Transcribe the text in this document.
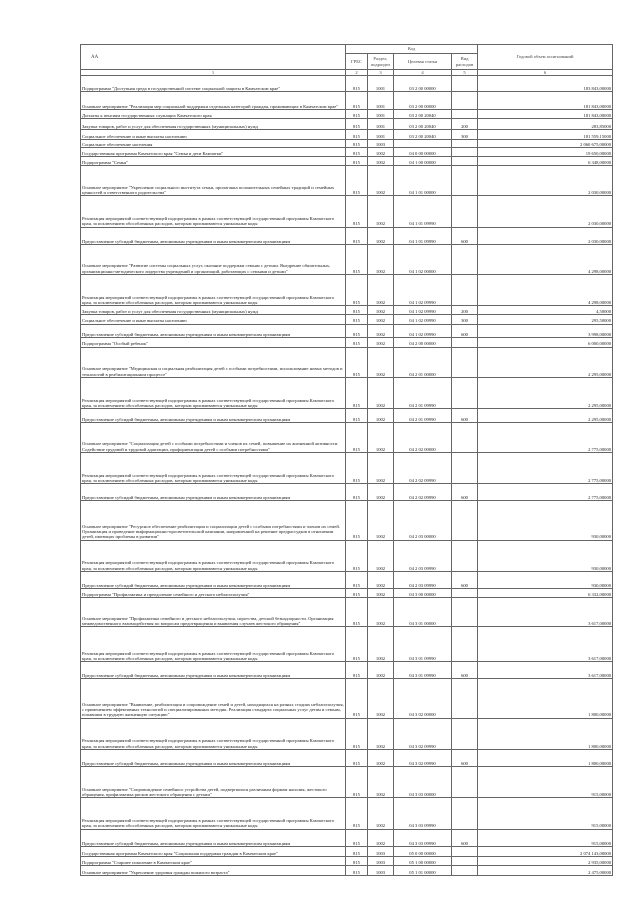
АА
	Код				Годовой объем ассигнований
	ГРБС	Раздел, подраздел	Целевая статья	Вид расходов	
1	2	3	4	5	6
Подпрограмма "Доступная среда в государственной системе социальной защиты в Камчатском крае"	815	1001	03 2 00 00000		183 843,00000
Основное мероприятие "Реализация мер социальной поддержки отдельных категорий граждан, проживающих в Камчатском крае"	815	1001	03 2 00 00000		181 843,00000
Доплаты к пенсиям государственных служащих Камчатского края	815	1001	03 2 00 20040		181 843,00000
Закупка товаров, работ и услуг для обеспечения государственных (муниципальных) нужд	815	1001	03 2 00 20040	200	283,85000
Социальное обеспечение и иные выплаты населению	815	1001	03 2 00 20040	300	181 559,15000
Социальное обеспечение населения	815	1003			2 060 675,00000
Государственная программа Камчатского края "Семья и дети Камчатки"	815	1002	04 0 00 00000		19 650,00000
Подпрограмма "Семья"	815	1002	04 1 00 00000		6 348,00000
Основное мероприятие "Укрепление социального института семьи, пропаганка положительных семейных традиций и семейных ценностей и ответственного родительства"	815	1002	04 1 01 00000		2 030,00000
Реализация мероприятий соответствующей подпрограммы в рамках соответствующей государственной программы Камчатского края, за исключением обособленных расходов, которым присваиваются уникальные коды	815	1002	04 1 01 09990		2 030,00000
Предоставление субсидий бюджетным, автономным учреждениям и иным некоммерческим организациям	815	1002	04 1 01 09990	600	2 030,00000
Основное мероприятие "Развитие системы социальных услуг, оказание поддержки семьям с детьми. Внедрение обязательных, организационно-методического лидерства учреждений и организаций, работающих с семьями и детьми"	815	1002	04 1 02 00000		4 298,00000
Реализация мероприятий соответствующей подпрограммы в рамках соответствующей государственной программы Камчатского края, за исключением обособленных расходов, которым присваиваются уникальные коды	815	1002	04 1 02 09990		4 298,00000
Закупка товаров, работ и услуг для обеспечения государственных (муниципальных) нужд	815	1002	04 1 02 09990	200	4,50000
Социальное обеспечение и иные выплаты населению	815	1002	04 1 02 09990	300	295,50000
Предоставление субсидий бюджетным, автономным учреждениям и иным некоммерческим организациям	815	1002	04 1 02 09990	600	3 998,00000
Подпрограмма "Особый ребенок"	815	1002	04 2 00 00000		6 000,00000
Основное мероприятие "Медицинская и социальная реабилитация детей с особыми потребностями, использование новых методов и технологий в реабилитационном процессе"	815	1002	04 2 01 00000		2 295,00000
Реализация мероприятий соответствующей подпрограммы в рамках соответствующей государственной программы Камчатского края, за исключением обособленных расходов, которым присваиваются уникальные коды	815	1002	04 2 01 09990		2 295,00000
Предоставление субсидий бюджетным, автономным учреждениям и иным некоммерческим организациям	815	1002	04 2 01 09990	600	2 295,00000
Основное мероприятие "Социализация детей с особыми потребностями и членов их семей, повышение их жизненной активности. Содействие трудовой и трудовой адаптации, профориентации детей с особыми потребностями"	815	1002	04 2 02 00000		2 775,00000
Реализация мероприятий соответствующей подпрограммы в рамках соответствующей государственной программы Камчатского края, за исключением обособленных расходов, которым присваиваются уникальные коды	815	1002	04 2 02 09990		2 775,00000
Предоставление субсидий бюджетным, автономным учреждениям и иным некоммерческим организациям	815	1002	04 2 02 09990	600	2 775,00000
Основное мероприятие "Ресурсное обеспечение реабилитации и социализации детей с особыми потребностями и членов их семей. Организация и проведение информационно-просветительской кампании, направленной на решение предрассудков в отношении детей, имеющих проблемы в развитии"	815	1002	04 2 03 00000		930,00000
Реализация мероприятий соответствующей подпрограммы в рамках соответствующей государственной программы Камчатского края, за исключением обособленных расходов, которым присваиваются уникальные коды	815	1002	04 2 03 09990		930,00000
Предоставление субсидий бюджетным, автономным учреждениям и иным некоммерческим организациям	815	1002	04 2 03 09990	600	930,00000
Подпрограмма "Профилактика и преодоление семейного и детского неблагополучия"	815	1002	04 3 00 00000		6 332,00000
Основное мероприятие "Профилактика семейного и детского неблагополучия, сиротства, детской безнадзорности. Организация межведомственного взаимодействия по вопросам предотвращения и выявления случаев жестокого обращения"	815	1002	04 3 01 00000		3 617,00000
Реализация мероприятий соответствующей подпрограммы в рамках соответствующей государственной программы Камчатского края, за исключением обособленных расходов, которым присваиваются уникальные коды	815	1002	04 3 01 09990		3 617,00000
Предоставление субсидий бюджетным, автономным учреждениям и иным некоммерческим организациям	815	1002	04 3 01 09990	600	3 617,00000
Основное мероприятие "Выявление, реабилитация и сопровождение семей и детей, находящихся на разных стадиях неблагополучия, с применением эффективных технологий и специализированных методик. Реализация стандарта социальных услуг детям и семьям, попавшим в трудную жизненную ситуацию"	815	1002	04 3 02 00000		1 800,00000
Реализация мероприятий соответствующей подпрограммы в рамках соответствующей государственной программы Камчатского края, за исключением обособленных расходов, которым присваиваются уникальные коды	815	1002	04 3 02 09990		1 800,00000
Предоставление субсидий бюджетным, автономным учреждениям и иным некоммерческим организациям	815	1002	04 3 02 09990	600	1 800,00000
Основное мероприятие "Сопровождение семейного устройства детей, подвергшихся различным формам насилия, жестокого обращения, профилактика рисков жестокого обращения с детьми"	815	1002	04 3 03 00000		915,00000
Реализация мероприятий соответствующей подпрограммы в рамках соответствующей государственной программы Камчатского края, за исключением обособленных расходов, которым присваиваются уникальные коды	815	1002	04 3 03 09990		915,00000
Предоставление субсидий бюджетным, автономным учреждениям и иным некоммерческим организациям	815	1002	04 3 03 09990	600	915,00000
Государственная программа Камчатского края "Социальная поддержка граждан в Камчатском крае"	815	1003	05 0 00 00000		2 074 143,00000
Подпрограмма "Старшее поколение в Камчатском крае"	815	1003	05 1 00 00000		2 935,00000
Основное мероприятие "Укрепление здоровья граждан пожилого возраста"	815	1003	05 1 01 00000		2 475,00000
